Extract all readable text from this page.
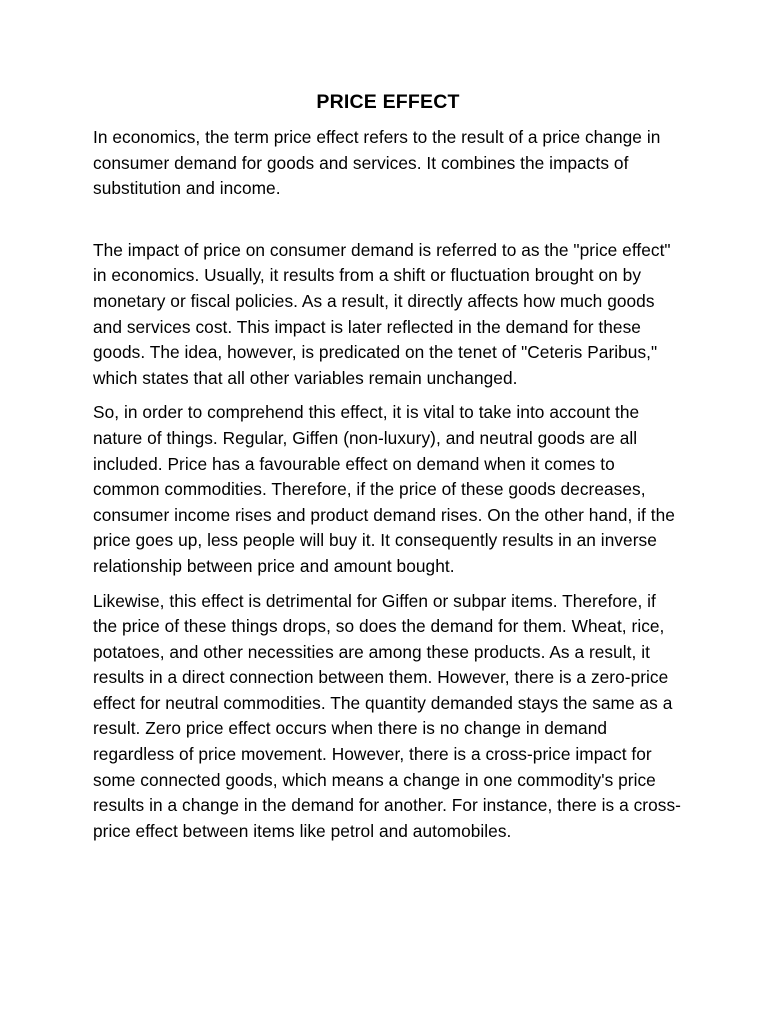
PRICE EFFECT

In economics, the term price effect refers to the result of a price change in consumer demand for goods and services. It combines the impacts of substitution and income.

The impact of price on consumer demand is referred to as the "price effect" in economics. Usually, it results from a shift or fluctuation brought on by monetary or fiscal policies. As a result, it directly affects how much goods and services cost. This impact is later reflected in the demand for these goods. The idea, however, is predicated on the tenet of "Ceteris Paribus," which states that all other variables remain unchanged.

So, in order to comprehend this effect, it is vital to take into account the nature of things. Regular, Giffen (non-luxury), and neutral goods are all included. Price has a favourable effect on demand when it comes to common commodities. Therefore, if the price of these goods decreases, consumer income rises and product demand rises. On the other hand, if the price goes up, less people will buy it. It consequently results in an inverse relationship between price and amount bought.

Likewise, this effect is detrimental for Giffen or subpar items. Therefore, if the price of these things drops, so does the demand for them. Wheat, rice, potatoes, and other necessities are among these products. As a result, it results in a direct connection between them. However, there is a zero-price effect for neutral commodities. The quantity demanded stays the same as a result. Zero price effect occurs when there is no change in demand regardless of price movement. However, there is a cross-price impact for some connected goods, which means a change in one commodity's price results in a change in the demand for another. For instance, there is a cross-price effect between items like petrol and automobiles.
